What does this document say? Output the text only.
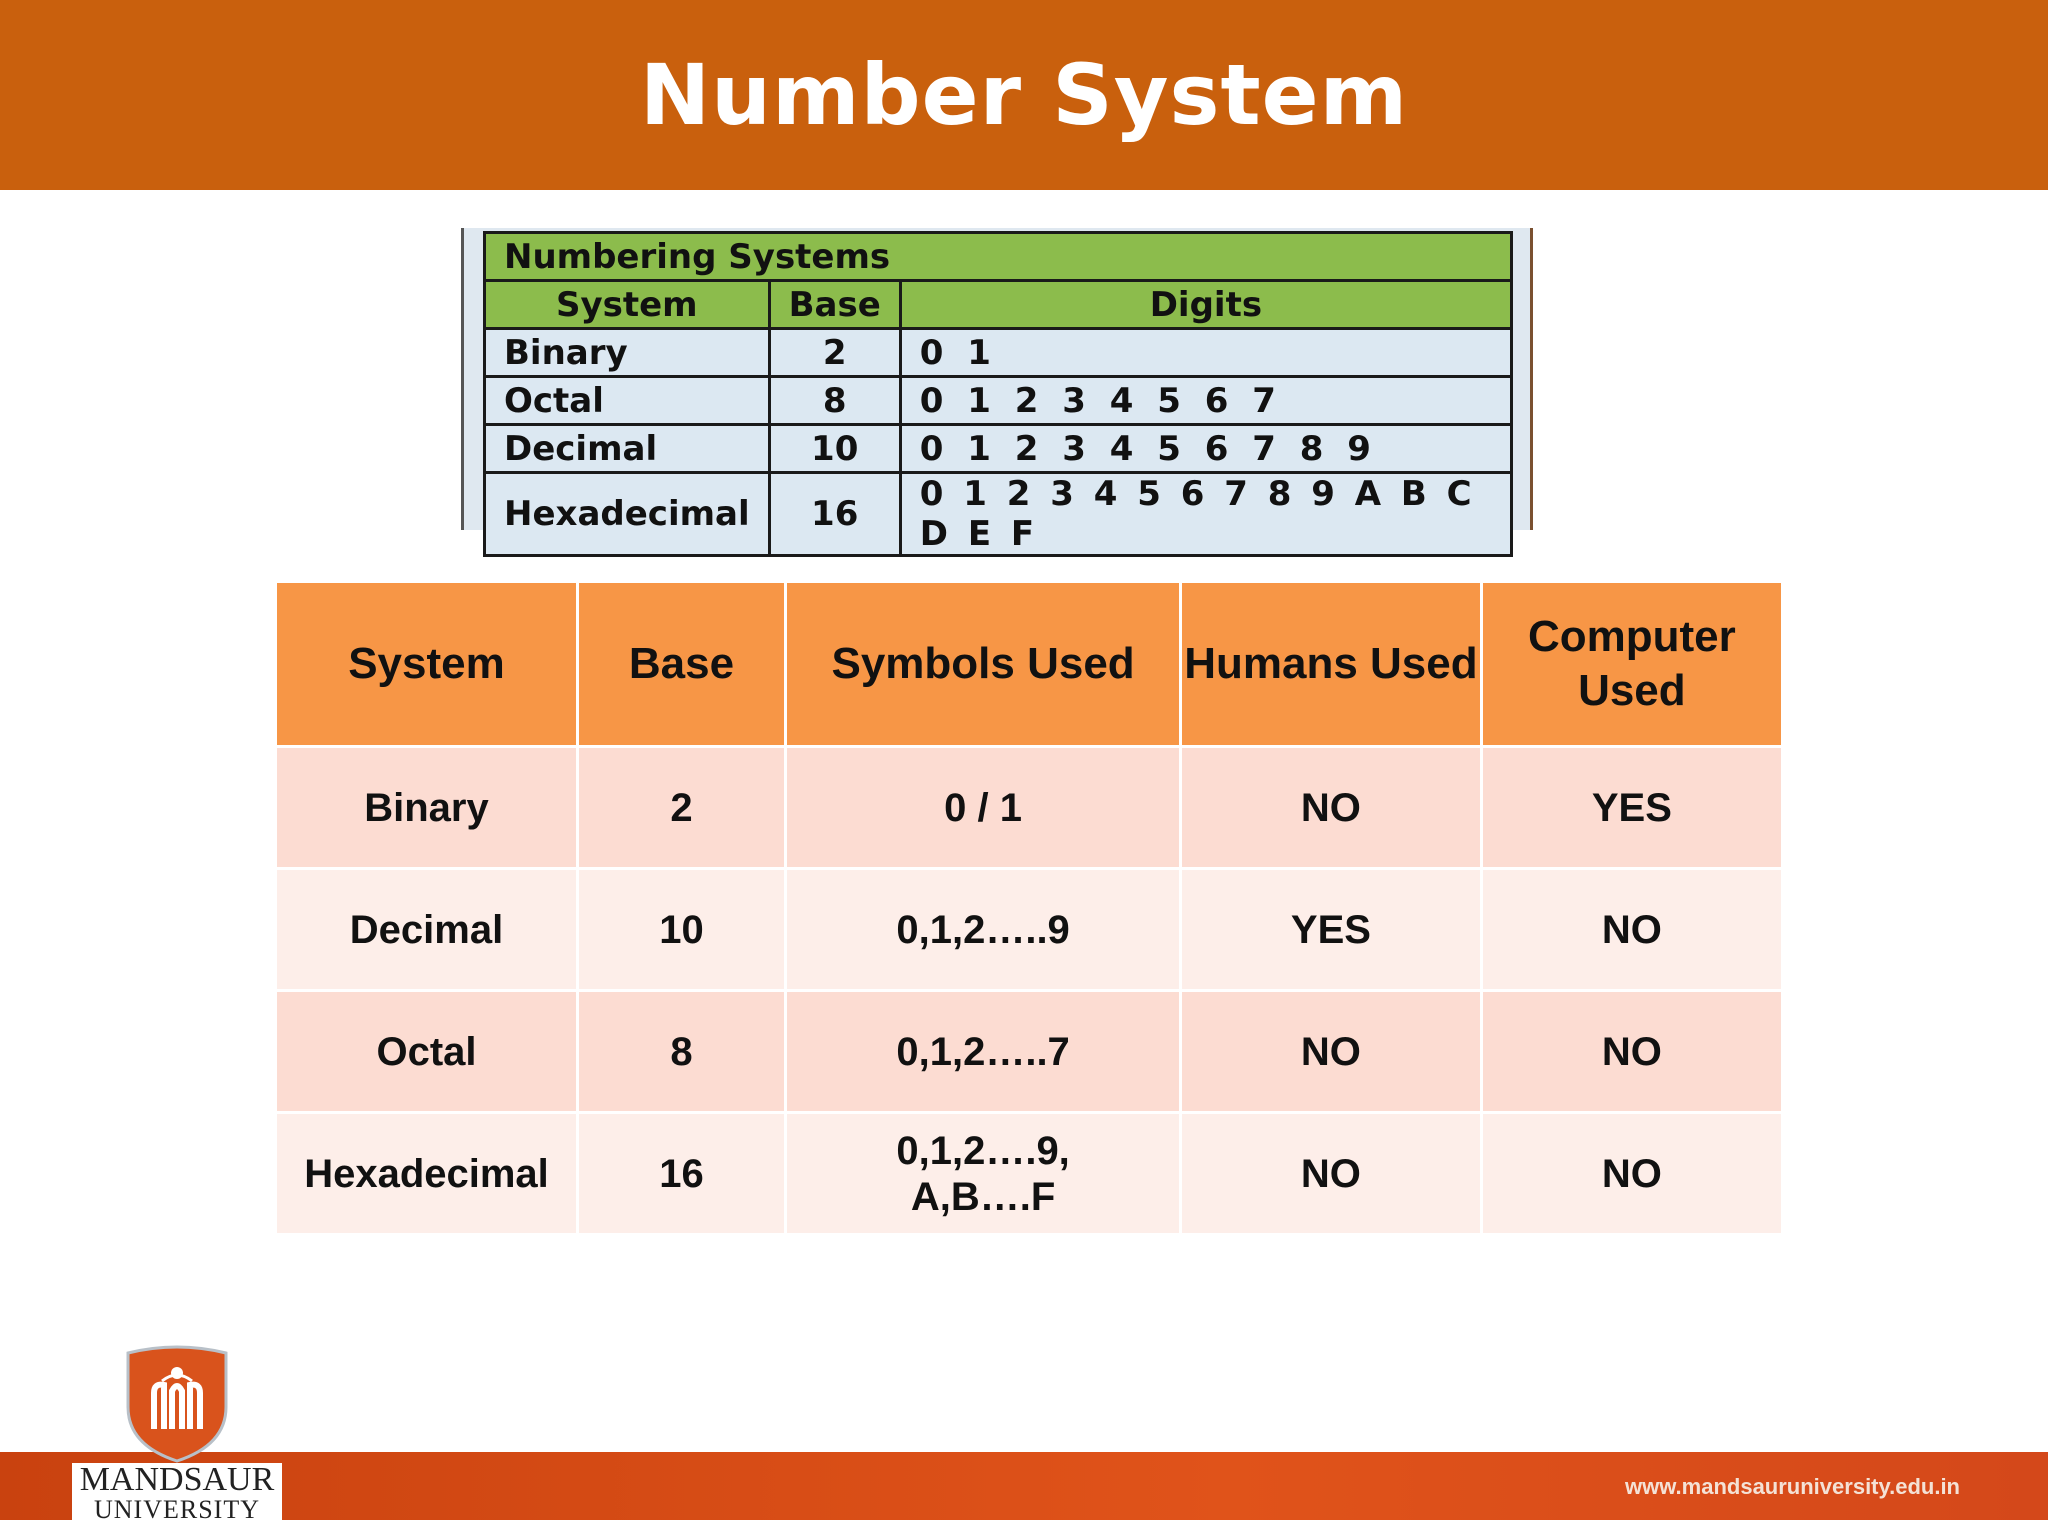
Number System
Numbering Systems		
System	Base	Digits
Binary	2	0 1
Octal	8	0 1 2 3 4 5 6 7
Decimal	10	0 1 2 3 4 5 6 7 8 9
Hexadecimal	16	0 1 2 3 4 5 6 7 8 9 A B C D E F
System	Base	Symbols Used	Humans Used	Computer Used
Binary	2	0 / 1	NO	YES
Decimal	10	0,1,2…..9	YES	NO
Octal	8	0,1,2…..7	NO	NO
Hexadecimal	16	0,1,2….9, A,B….F	NO	NO
www.mandsauruniversity.edu.in
MANDSAUR
UNIVERSITY
